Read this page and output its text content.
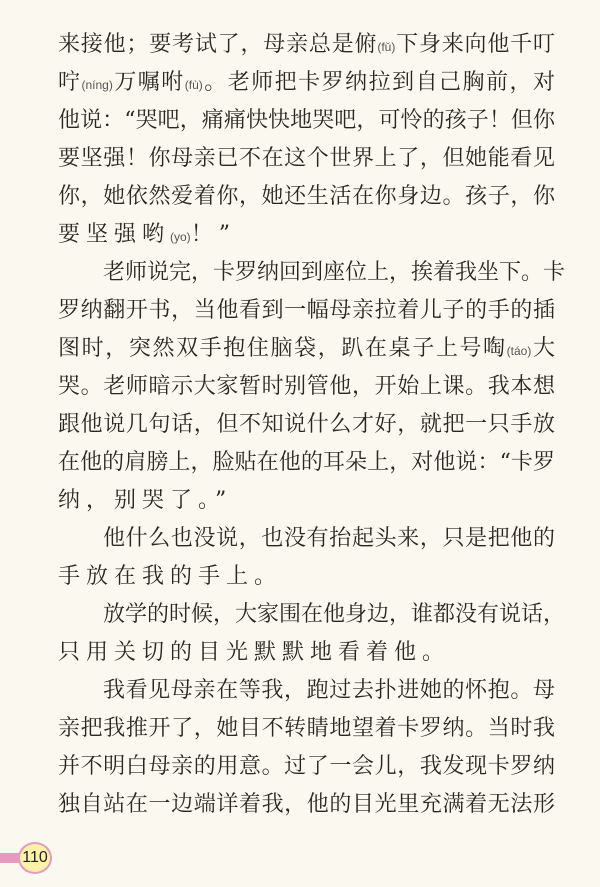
来接他；要考试了，母亲总是俯(fǔ)下身来向他千叮
咛(níng)万嘱咐(fù)。老师把卡罗纳拉到自己胸前，对
他说：“哭吧，痛痛快快地哭吧，可怜的孩子！但你
要坚强！你母亲已不在这个世界上了，但她能看见
你，她依然爱着你，她还生活在你身边。孩子，你
要坚强哟(yo)！”
老师说完，卡罗纳回到座位上，挨着我坐下。卡
罗纳翻开书，当他看到一幅母亲拉着儿子的手的插
图时，突然双手抱住脑袋，趴在桌子上号啕(táo)大
哭。老师暗示大家暂时别管他，开始上课。我本想
跟他说几句话，但不知说什么才好，就把一只手放
在他的肩膀上，脸贴在他的耳朵上，对他说：“卡罗
纳，别哭了。”
他什么也没说，也没有抬起头来，只是把他的
手放在我的手上。
放学的时候，大家围在他身边，谁都没有说话，
只用关切的目光默默地看着他。
我看见母亲在等我，跑过去扑进她的怀抱。母
亲把我推开了，她目不转睛地望着卡罗纳。当时我
并不明白母亲的用意。过了一会儿，我发现卡罗纳
独自站在一边端详着我，他的目光里充满着无法形
110
